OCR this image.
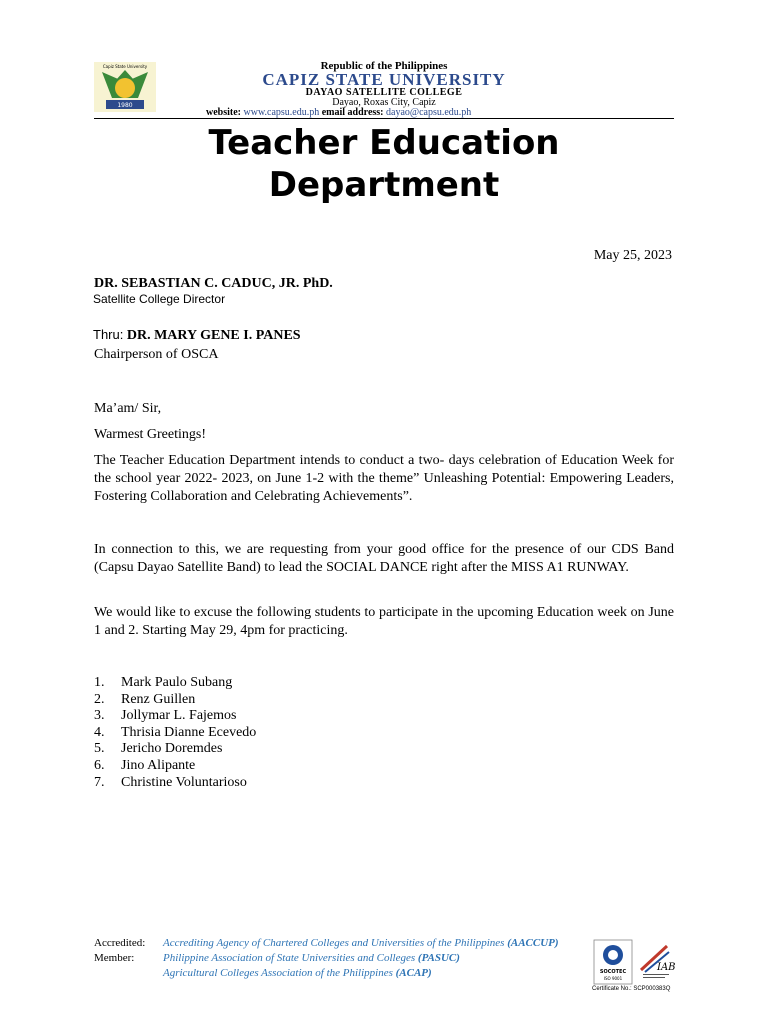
Capiz State University
1980
Republic of the Philippines
CAPIZ STATE UNIVERSITY
DAYAO SATELLITE COLLEGE
Dayao, Roxas City, Capiz
website: www.capsu.edu.ph email address: dayao@capsu.edu.ph
Teacher Education
Department
May 25, 2023
DR. SEBASTIAN C. CADUC, JR. PhD.
Satellite College Director
Thru: DR. MARY GENE I. PANES
Chairperson of OSCA
Ma’am/ Sir,
Warmest Greetings!
The Teacher Education Department intends to conduct a two- days celebration of Education Week for the school year 2022- 2023, on June 1-2 with the theme” Unleashing Potential: Empowering Leaders, Fostering Collaboration and Celebrating Achievements”.
In connection to this, we are requesting from your good office for the presence of our CDS Band (Capsu Dayao Satellite Band) to lead the SOCIAL DANCE right after the MISS A1 RUNWAY.
We would like to excuse the following students to participate in the upcoming Education week on June 1 and 2. Starting May 29, 4pm for practicing.
1. Mark Paulo Subang
2. Renz Guillen
3. Jollymar L. Fajemos
4. Thrisia Dianne Ecevedo
5. Jericho Doremdes
6. Jino Alipante
7. Christine Voluntarioso
Accredited:
Member:
Accrediting Agency of Chartered Colleges and Universities of the Philippines (AACCUP)
Philippine Association of State Universities and Colleges (PASUC)
Agricultural Colleges Association of the Philippines (ACAP)	SOCOTEC
ISO 9001
IAB
Certificate No.: SCP000383Q
